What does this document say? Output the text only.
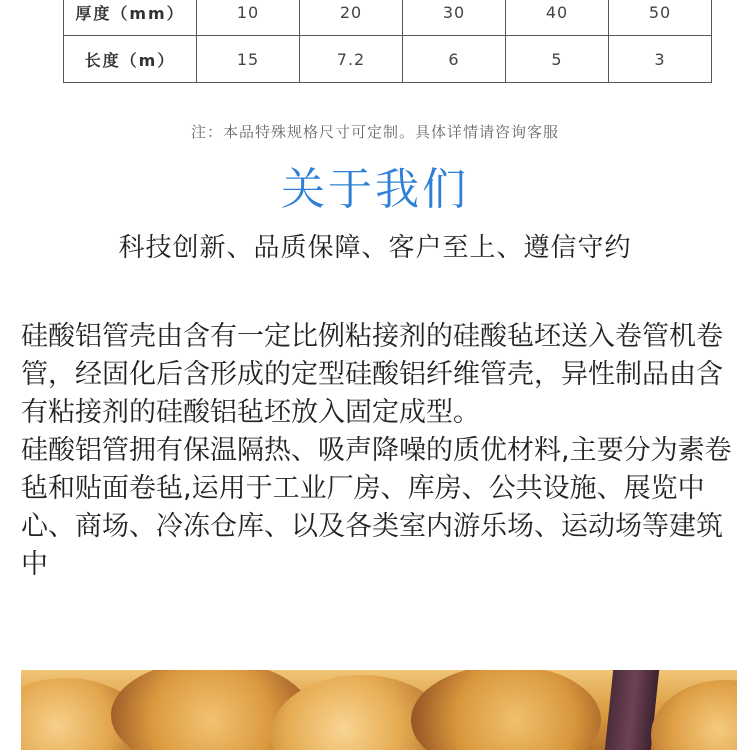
厚度（mm）	10	20	30	40	50
长度（m）	15	7.2	6	5	3
注：本品特殊规格尺寸可定制。具体详情请咨询客服
关于我们
科技创新、品质保障、客户至上、遵信守约

硅酸铝管壳由含有一定比例粘接剂的硅酸毡坯送入卷管机卷管，经固化后含形成的定型硅酸铝纤维管壳，异性制品由含有粘接剂的硅酸铝毡坯放入固定成型。

硅酸铝管拥有保温隔热、吸声降噪的质优材料,主要分为素卷毡和贴面卷毡,运用于工业厂房、库房、公共设施、展览中心、商场、冷冻仓库、以及各类室内游乐场、运动场等建筑中
